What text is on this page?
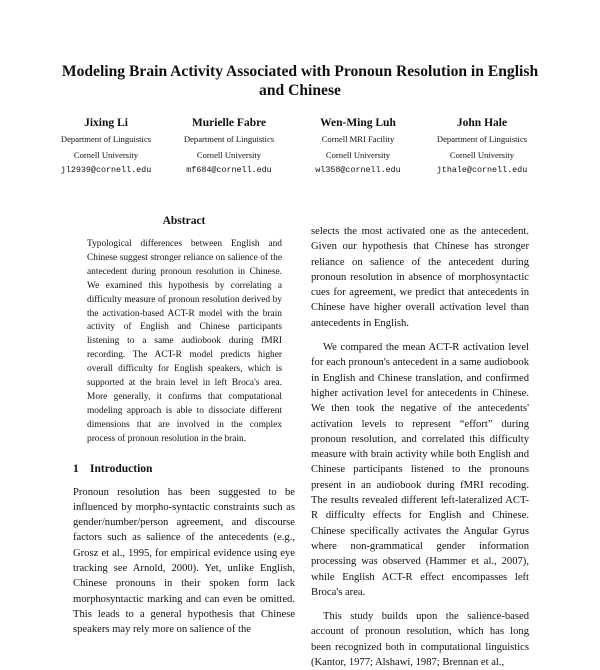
Modeling Brain Activity Associated with Pronoun Resolution in English and Chinese
Jixing Li
Department of Linguistics
Cornell University
jl2939@cornell.edu
Murielle Fabre
Department of Linguistics
Cornell University
mf684@cornell.edu
Wen-Ming Luh
Cornell MRI Facility
Cornell University
wl358@cornell.edu
John Hale
Department of Linguistics
Cornell University
jthale@cornell.edu
Abstract

Typological differences between English and Chinese suggest stronger reliance on salience of the antecedent during pronoun resolution in Chinese. We examined this hypothesis by correlating a difficulty measure of pronoun resolution derived by the activation-based ACT-R model with the brain activity of English and Chinese participants listening to a same audiobook during fMRI recording. The ACT-R model predicts higher overall difficulty for English speakers, which is supported at the brain level in left Broca's area. More generally, it confirms that computational modeling approach is able to dissociate different dimensions that are involved in the complex process of pronoun resolution in the brain.

1 Introduction

Pronoun resolution has been suggested to be influenced by morpho-syntactic constraints such as gender/number/person agreement, and discourse factors such as salience of the antecedents (e.g., Grosz et al., 1995, for empirical evidence using eye tracking see Arnold, 2000). Yet, unlike English, Chinese pronouns in their spoken form lack morphosyntactic marking and can even be omitted. This leads to a general hypothesis that Chinese speakers may rely more on salience of the

selects the most activated one as the antecedent. Given our hypothesis that Chinese has stronger reliance on salience of the antecedent during pronoun resolution in absence of morphosyntactic cues for agreement, we predict that antecedents in Chinese have higher overall activation level than antecedents in English.

We compared the mean ACT-R activation level for each pronoun's antecedent in a same audiobook in English and Chinese translation, and confirmed higher activation level for antecedents in Chinese. We then took the negative of the antecedents' activation levels to represent “effort” during pronoun resolution, and correlated this difficulty measure with brain activity while both English and Chinese participants listened to the pronouns present in an audiobook during fMRI recoding. The results revealed different left-lateralized ACT-R difficulty effects for English and Chinese. Chinese specifically activates the Angular Gyrus where non-grammatical gender information processing was observed (Hammer et al., 2007), while English ACT-R effect encompasses left Broca's area.

This study builds upon the salience-based account of pronoun resolution, which has long been recognized both in computational linguistics (Kantor, 1977; Alshawi, 1987; Brennan et al.,
